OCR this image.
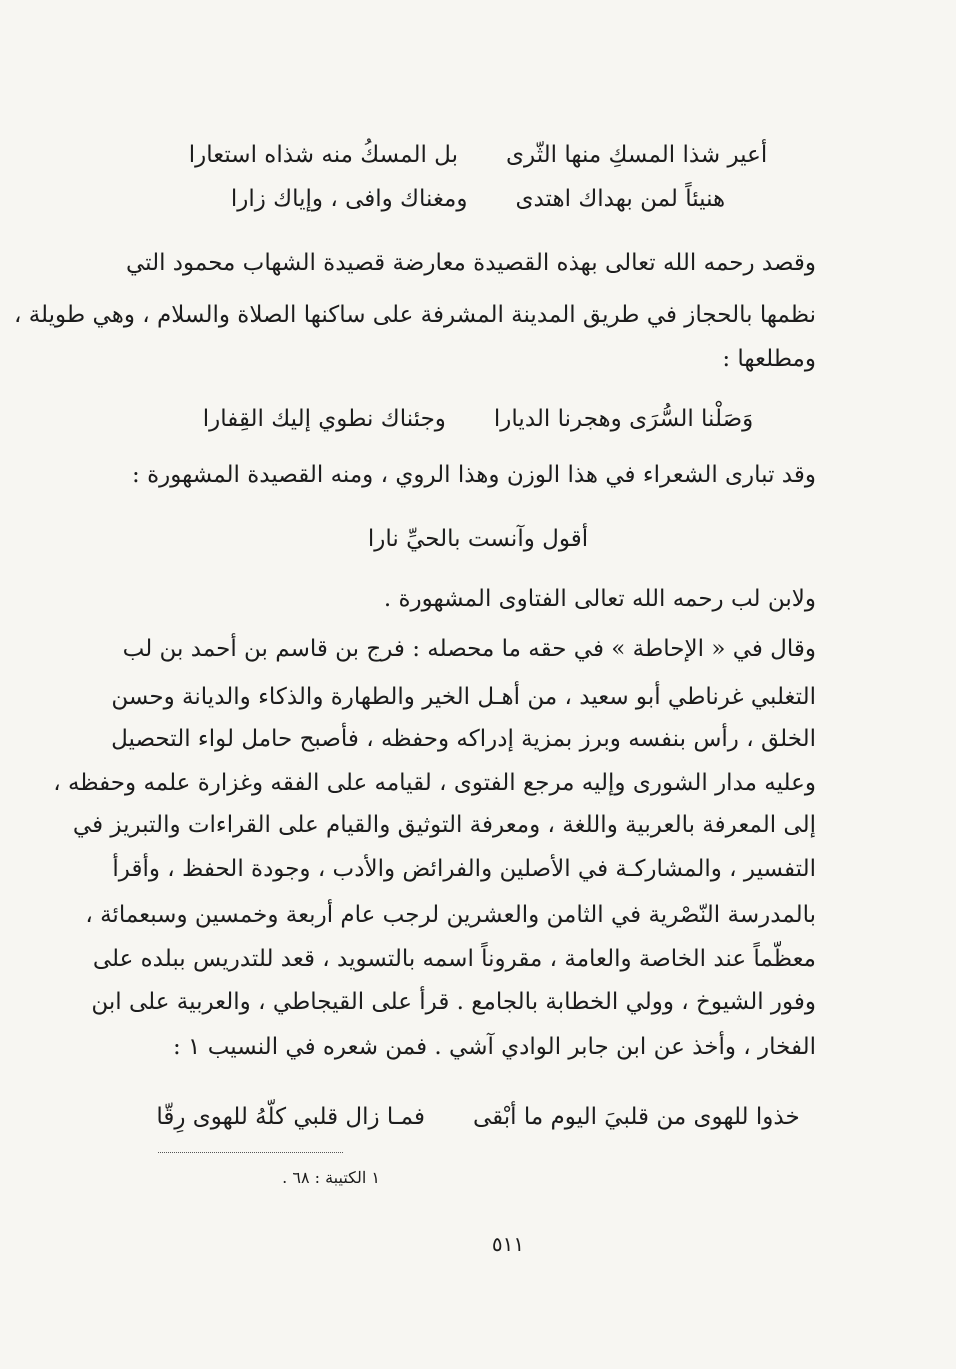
أعير شذا المسكِ منها الثّرى
بل المسكُ منه شذاه استعارا
هنيئاً لمن بهداك اهتدى
ومغناك وافى ، وإياك زارا
وقصد رحمه الله تعالى بهذه القصيدة معارضة قصيدة الشهاب محمود التي
نظمها بالحجاز في طريق المدينة المشرفة على ساكنها الصلاة والسلام ، وهي طويلة ،
ومطلعها :
وَصَلْنا السُّرَى وهجرنا الديارا
وجئناك نطوي إليك القِفارا
وقد تبارى الشعراء في هذا الوزن وهذا الروي ، ومنه القصيدة المشهورة :
أقول وآنست بالحيِّ نارا
ولابن لب رحمه الله تعالى الفتاوى المشهورة .
وقال في « الإحاطة » في حقه ما محصله : فرج بن قاسم بن أحمد بن لب
التغلبي غرناطي أبو سعيد ، من أهـل الخير والطهارة والذكاء والديانة وحسن
الخلق ، رأس بنفسه وبرز بمزية إدراكه وحفظه ، فأصبح حامل لواء التحصيل
وعليه مدار الشورى وإليه مرجع الفتوى ، لقيامه على الفقه وغزارة علمه وحفظه ،
إلى المعرفة بالعربية واللغة ، ومعرفة التوثيق والقيام على القراءات والتبريز في
التفسير ، والمشاركـة في الأصلين والفرائض والأدب ، وجودة الحفظ ، وأقرأ
بالمدرسة النّصْرية في الثامن والعشرين لرجب عام أربعة وخمسين وسبعمائة ،
معظّماً عند الخاصة والعامة ، مقروناً اسمه بالتسويد ، قعد للتدريس ببلده على
وفور الشيوخ ، وولي الخطابة بالجامع . قرأ على القيجاطي ، والعربية على ابن
الفخار ، وأخذ عن ابن جابر الوادي آشي . فمن شعره في النسيب ١ :
خذوا للهوى من قلبيَ اليوم ما أبْقى
فمـا زال قلبي كلّهُ للهوى رِقّا
١ الكتيبة : ٦٨ .
٥١١
